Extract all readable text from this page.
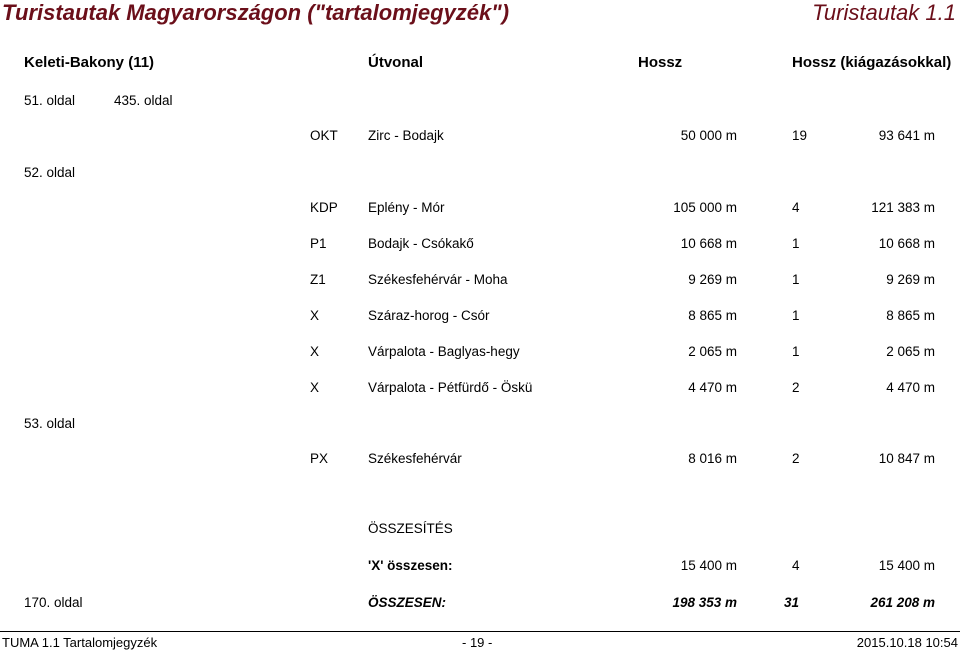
Turistautak Magyarországon ("tartalomjegyzék")	Turistautak 1.1
Keleti-Bakony (11)	Útvonal	Hossz	Hossz (kiágazásokkal)
51. oldal	435. oldal
52. oldal
53. oldal
170. oldal
OKT Zirc - Bodajk	50 000 m	19	93 641 m
KDP Eplény - Mór	105 000 m	4	121 383 m
P1	Bodajk - Csókakő	10 668 m	1	10 668 m
Z1	Székesfehérvár - Moha	9 269 m	1	9 269 m
X	Száraz-horog - Csór	8 865 m	1	8 865 m
X	Várpalota - Baglyas-hegy	2 065 m	1	2 065 m
X	Várpalota - Pétfürdő - Öskü	4 470 m	2	4 470 m
PX	Székesfehérvár	8 016 m	2	10 847 m
ÖSSZESÍTÉS
'X' összesen:	15 400 m	4	15 400 m
ÖSSZESEN:	198 353 m	31	261 208 m
TUMA 1.1 Tartalomjegyzék	- 19 -	2015.10.18 10:54
